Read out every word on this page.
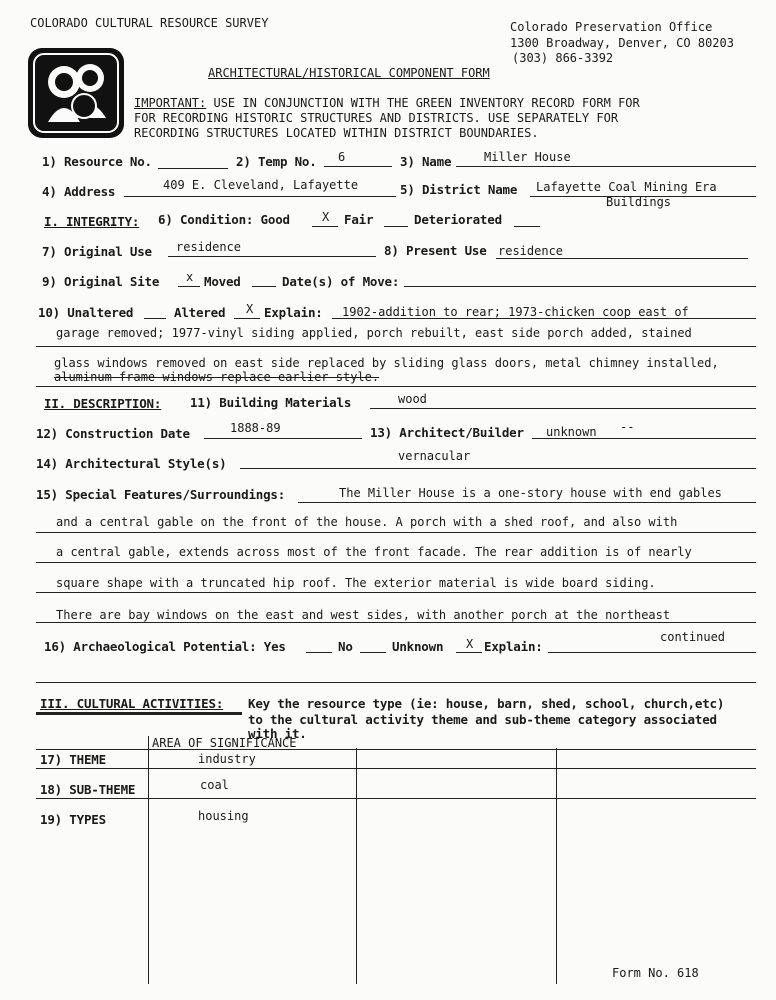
COLORADO CULTURAL RESOURCE SURVEY	Colorado Preservation Office
1300 Broadway, Denver, CO 80203
(303) 866-3392
ARCHITECTURAL/HISTORICAL COMPONENT FORM
IMPORTANT: USE IN CONJUNCTION WITH THE GREEN INVENTORY RECORD FORM FOR
FOR RECORDING HISTORIC STRUCTURES AND DISTRICTS. USE SEPARATELY FOR
RECORDING STRUCTURES LOCATED WITHIN DISTRICT BOUNDARIES.
1) Resource No.	2) Temp No. 6	3) Name	Miller House
4) Address	409 E. Cleveland, Lafayette	5) District Name Lafayette Coal Mining Era
Buildings
I. INTEGRITY: 6) Condition: Good	X Fair	Deteriorated
7) Original Use residence	8) Present Use residence
9) Original Site x Moved	Date(s) of Move:
10) Unaltered	Altered X Explain: 1902-addition to rear; 1973-chicken coop east of
garage removed; 1977-vinyl siding applied, porch rebuilt, east side porch added, stained
glass windows removed on east side replaced by sliding glass doors, metal chimney installed,
aluminum frame windows replace earlier style.
II. DESCRIPTION: 11) Building Materials	wood
12) Construction Date	1888-89	13) Architect/Builder unknown --
14) Architectural Style(s)	vernacular
15) Special Features/Surroundings:	The Miller House is a one-story house with end gables
and a central gable on the front of the house. A porch with a shed roof, and also with
a central gable, extends across most of the front facade. The rear addition is of nearly
square shape with a truncated hip roof. The exterior material is wide board siding.
There are bay windows on the east and west sides, with another porch at the northeast
continued
16) Archaeological Potential: Yes	No	Unknown X Explain:
III. CULTURAL ACTIVITIES: Key the resource type (ie: house, barn, shed, school, church,etc)
to the cultural activity theme and sub-theme category associated
with it.
AREA OF SIGNIFICANCE
17) THEME	industry
18) SUB-THEME	coal
19) TYPES	housing
Form No. 618
